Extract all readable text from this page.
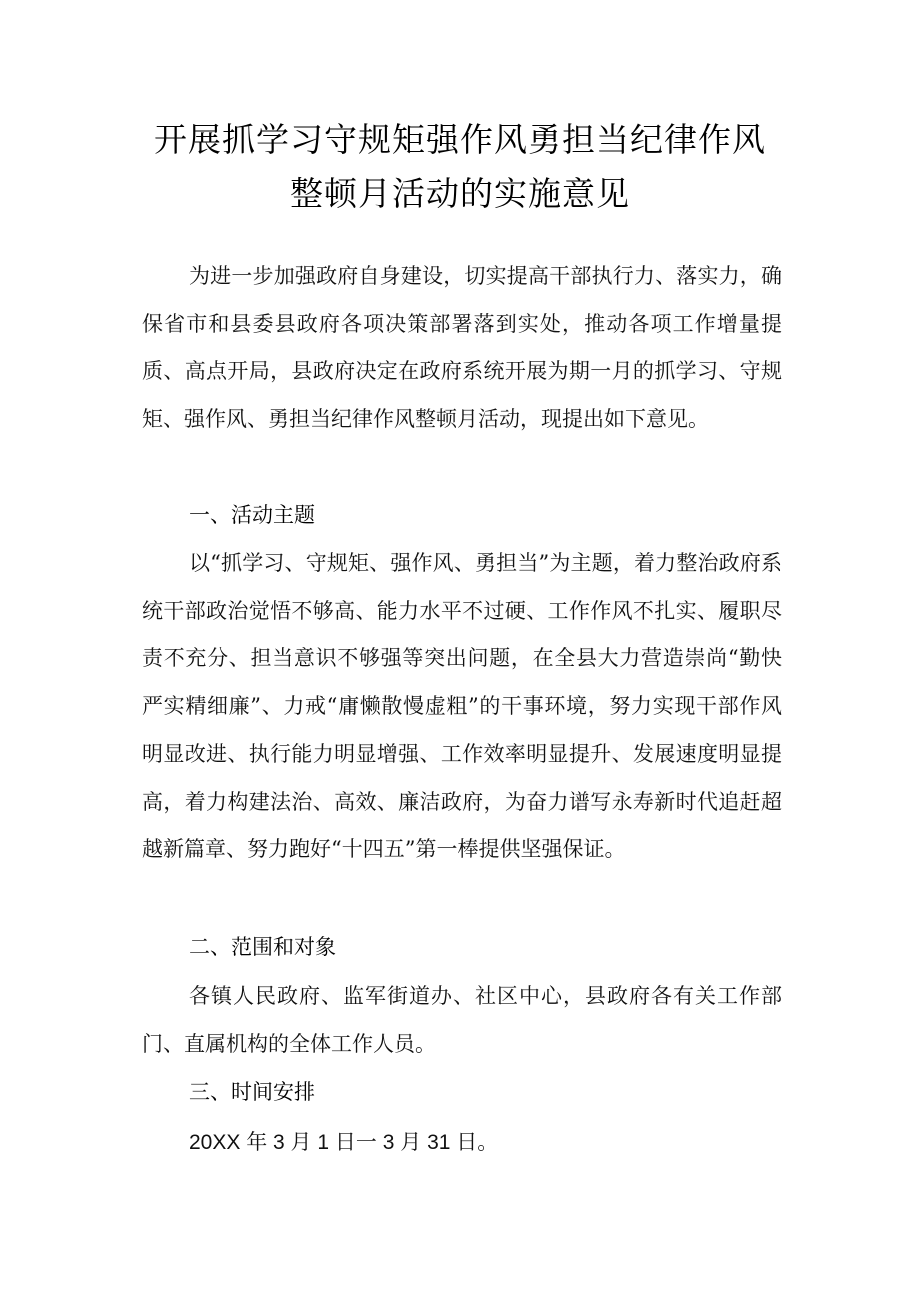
开展抓学习守规矩强作风勇担当纪律作风
整顿月活动的实施意见

为进一步加强政府自身建设，切实提高干部执行力、落实力，确保省市和县委县政府各项决策部署落到实处，推动各项工作增量提质、高点开局，县政府决定在政府系统开展为期一月的抓学习、守规矩、强作风、勇担当纪律作风整顿月活动，现提出如下意见。

一、活动主题

以“抓学习、守规矩、强作风、勇担当”为主题，着力整治政府系统干部政治觉悟不够高、能力水平不过硬、工作作风不扎实、履职尽责不充分、担当意识不够强等突出问题，在全县大力营造崇尚“勤快严实精细廉”、力戒“庸懒散慢虚粗”的干事环境，努力实现干部作风明显改进、执行能力明显增强、工作效率明显提升、发展速度明显提高，着力构建法治、高效、廉洁政府，为奋力谱写永寿新时代追赶超越新篇章、努力跑好“十四五”第一棒提供坚强保证。

二、范围和对象

各镇人民政府、监军街道办、社区中心，县政府各有关工作部门、直属机构的全体工作人员。

三、时间安排

20XX 年 3 月 1 日一 3 月 31 日。
